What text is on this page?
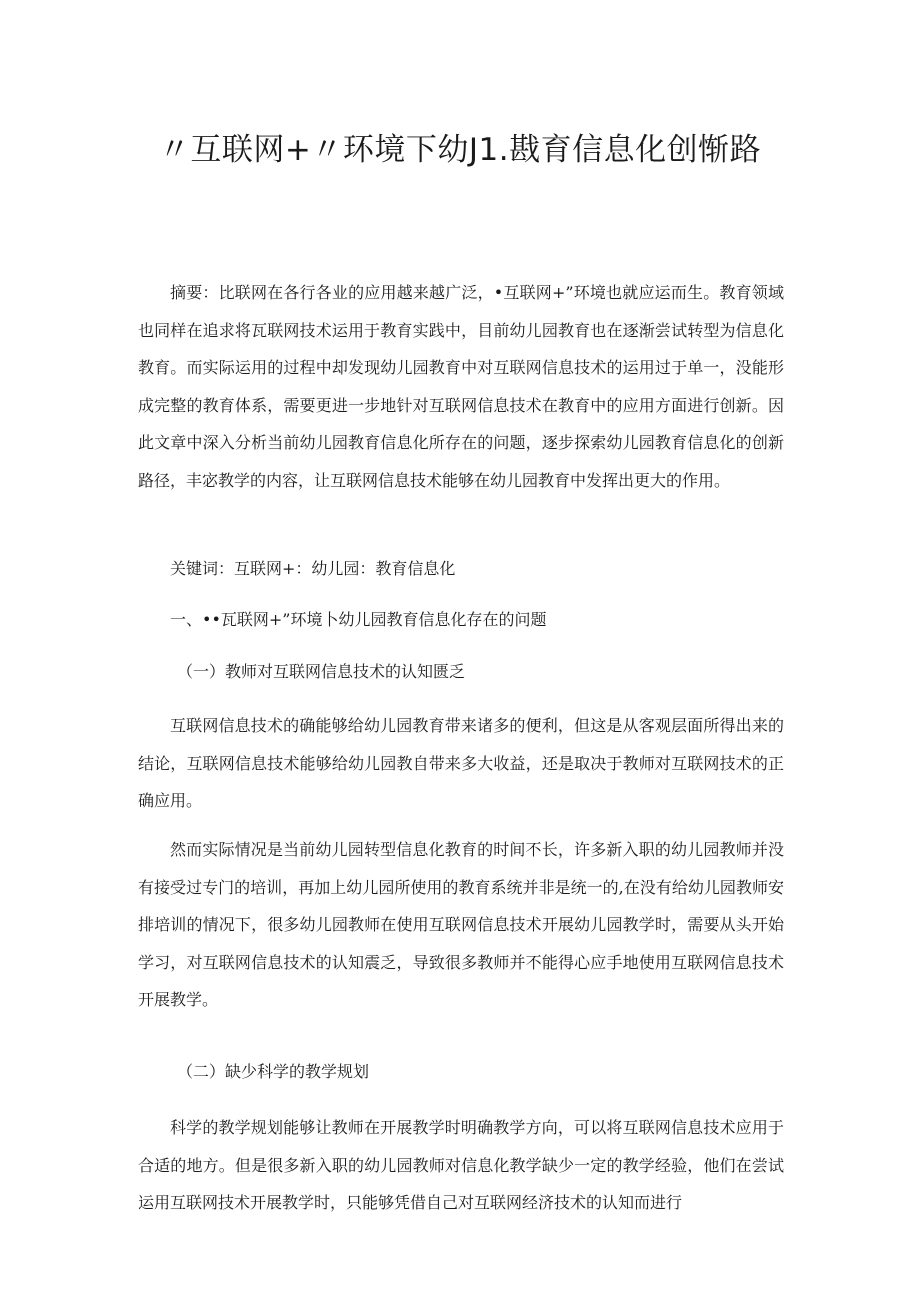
〃互联网+〃环境下幼J1.戡育信息化创惭路

摘要：比联网在各行各业的应用越来越广泛，•互联网+”环境也就应运而生。教育领域也同样在追求将瓦联网技术运用于教育实践中，目前幼儿园教育也在逐渐尝试转型为信息化教育。而实际运用的过程中却发现幼儿园教育中对互联网信息技术的运用过于单一，没能形成完整的教育体系，需要更进一步地针对互联网信息技术在教育中的应用方面进行创新。因此文章中深入分析当前幼儿园教育信息化所存在的问题，逐步探索幼儿园教育信息化的创新路径，丰宓教学的内容，让互联网信息技术能够在幼儿园教育中发挥出更大的作用。

关键词：互联网+：幼儿园：教育信息化

一、••瓦联网+”环境卜幼儿园教育信息化存在的问题

（一）教师对互联网信息技术的认知匮乏

互联网信息技术的确能够给幼儿园教育带来诸多的便利，但这是从客观层面所得出来的结论，互联网信息技术能够给幼儿园教自带来多大收益，还是取决于教师对互联网技术的正确应用。

然而实际情况是当前幼儿园转型信息化教育的时间不长，许多新入职的幼儿园教师并没有接受过专门的培训，再加上幼儿园所使用的教育系统并非是统一的,在没有给幼儿园教师安排培训的情况下，很多幼儿园教师在使用互联网信息技术开展幼儿园教学时，需要从头开始学习，对互联网信息技术的认知震乏，导致很多教师并不能得心应手地使用互联网信息技术开展教学。

（二）缺少科学的教学规划

科学的教学规划能够让教师在开展教学时明确教学方向，可以将互联网信息技术应用于合适的地方。但是很多新入职的幼儿园教师对信息化教学缺少一定的教学经验，他们在尝试运用互联网技术开展教学时，只能够凭借自己对互联网经济技术的认知而进行
